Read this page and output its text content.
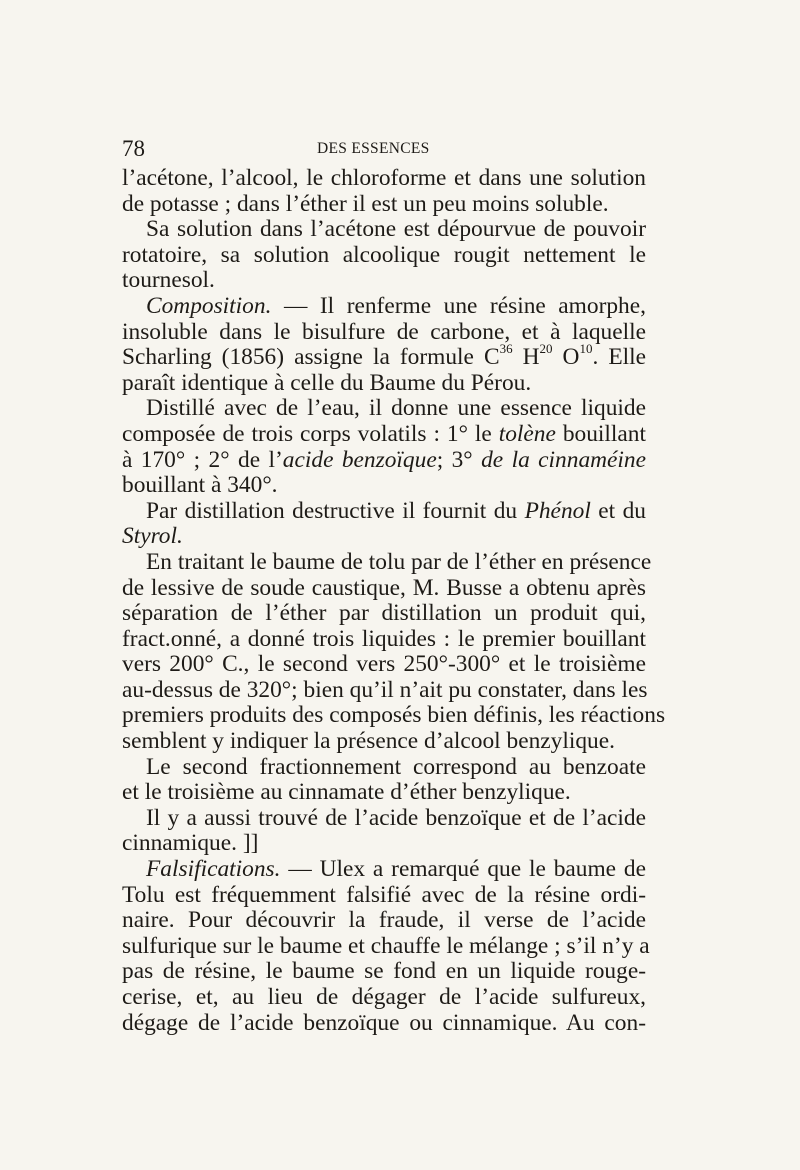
78	DES ESSENCES
l’acétone, l’alcool, le chloroforme et dans une solution
de potasse ; dans l’éther il est un peu moins soluble.
Sa solution dans l’acétone est dépourvue de pouvoir
rotatoire, sa solution alcoolique rougit nettement le
tournesol.
Composition. — Il renferme une résine amorphe,
insoluble dans le bisulfure de carbone, et à laquelle
Scharling (1856) assigne la formule $C^{36}$ $H^{20}$ $O^{10}$. Elle
paraît identique à celle du Baume du Pérou.
Distillé avec de l’eau, il donne une essence liquide
composée de trois corps volatils : 1° le tolène bouillant
à 170° ; 2° de l’acide benzoïque; 3° de la cinnaméine
bouillant à 340°.
Par distillation destructive il fournit du Phénol et du
Styrol.
En traitant le baume de tolu par de l’éther en présence
de lessive de soude caustique, M. Busse a obtenu après
séparation de l’éther par distillation un produit qui,
fract.onné, a donné trois liquides : le premier bouillant
vers 200° C., le second vers 250°-300° et le troisième
au-dessus de 320°; bien qu’il n’ait pu constater, dans les
premiers produits des composés bien définis, les réactions
semblent y indiquer la présence d’alcool benzylique.
Le second fractionnement correspond au benzoate
et le troisième au cinnamate d’éther benzylique.
Il y a aussi trouvé de l’acide benzoïque et de l’acide
cinnamique. ]]
Falsifications. — Ulex a remarqué que le baume de
Tolu est fréquemment falsifié avec de la résine ordi-
naire. Pour découvrir la fraude, il verse de l’acide
sulfurique sur le baume et chauffe le mélange ; s’il n’y a
pas de résine, le baume se fond en un liquide rouge-
cerise, et, au lieu de dégager de l’acide sulfureux,
dégage de l’acide benzoïque ou cinnamique. Au con-
